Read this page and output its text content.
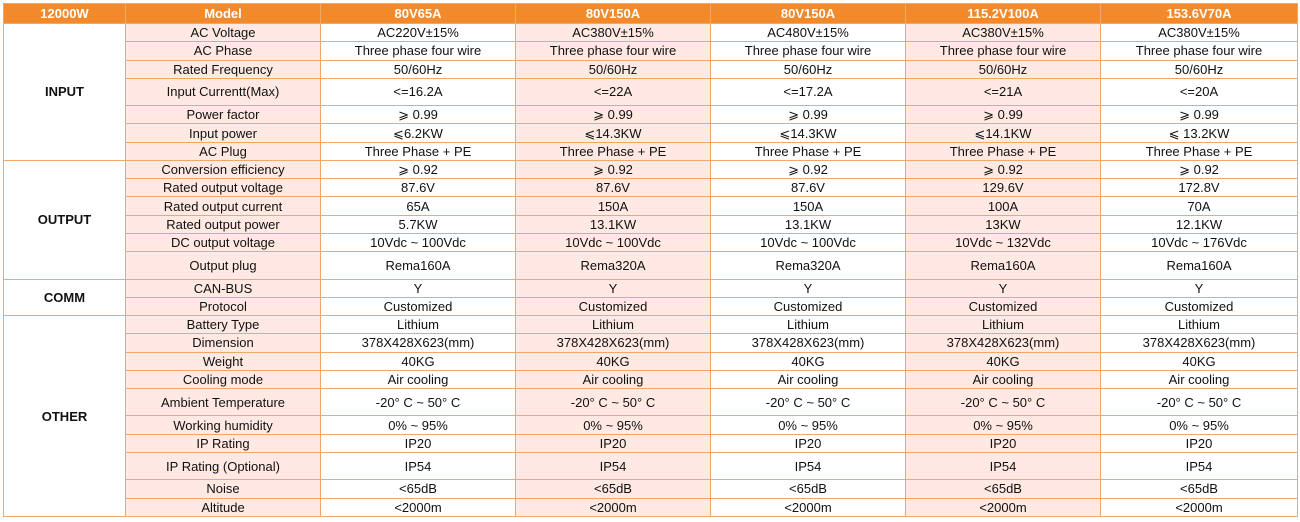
12000W	Model	80V65A	80V150A	80V150A	115.2V100A	153.6V70A
INPUT	AC Voltage	AC220V±15%	AC380V±15%	AC480V±15%	AC380V±15%	AC380V±15%
	AC Phase	Three phase four wire	Three phase four wire	Three phase four wire	Three phase four wire	Three phase four wire
	Rated Frequency	50/60Hz	50/60Hz	50/60Hz	50/60Hz	50/60Hz
	Input Currentt(Max)	<=16.2A	<=22A	<=17.2A	<=21A	<=20A
	Power factor	⩾ 0.99	⩾ 0.99	⩾ 0.99	⩾ 0.99	⩾ 0.99
	Input power	⩽6.2KW	⩽14.3KW	⩽14.3KW	⩽14.1KW	⩽ 13.2KW
	AC Plug	Three Phase + PE	Three Phase + PE	Three Phase + PE	Three Phase + PE	Three Phase + PE
OUTPUT	Conversion efficiency	⩾ 0.92	⩾ 0.92	⩾ 0.92	⩾ 0.92	⩾ 0.92
	Rated output voltage	87.6V	87.6V	87.6V	129.6V	172.8V
	Rated output current	65A	150A	150A	100A	70A
	Rated output power	5.7KW	13.1KW	13.1KW	13KW	12.1KW
	DC output voltage	10Vdc ~ 100Vdc	10Vdc ~ 100Vdc	10Vdc ~ 100Vdc	10Vdc ~ 132Vdc	10Vdc ~ 176Vdc
	Output plug	Rema160A	Rema320A	Rema320A	Rema160A	Rema160A
COMM	CAN-BUS	Y	Y	Y	Y	Y
	Protocol	Customized	Customized	Customized	Customized	Customized
OTHER	Battery Type	Lithium	Lithium	Lithium	Lithium	Lithium
	Dimension	378X428X623(mm)	378X428X623(mm)	378X428X623(mm)	378X428X623(mm)	378X428X623(mm)
	Weight	40KG	40KG	40KG	40KG	40KG
	Cooling mode	Air cooling	Air cooling	Air cooling	Air cooling	Air cooling
	Ambient Temperature	-20° C ~ 50° C	-20° C ~ 50° C	-20° C ~ 50° C	-20° C ~ 50° C	-20° C ~ 50° C
	Working humidity	0% ~ 95%	0% ~ 95%	0% ~ 95%	0% ~ 95%	0% ~ 95%
	IP Rating	IP20	IP20	IP20	IP20	IP20
	IP Rating (Optional)	IP54	IP54	IP54	IP54	IP54
	Noise	<65dB	<65dB	<65dB	<65dB	<65dB
	Altitude	<2000m	<2000m	<2000m	<2000m	<2000m
